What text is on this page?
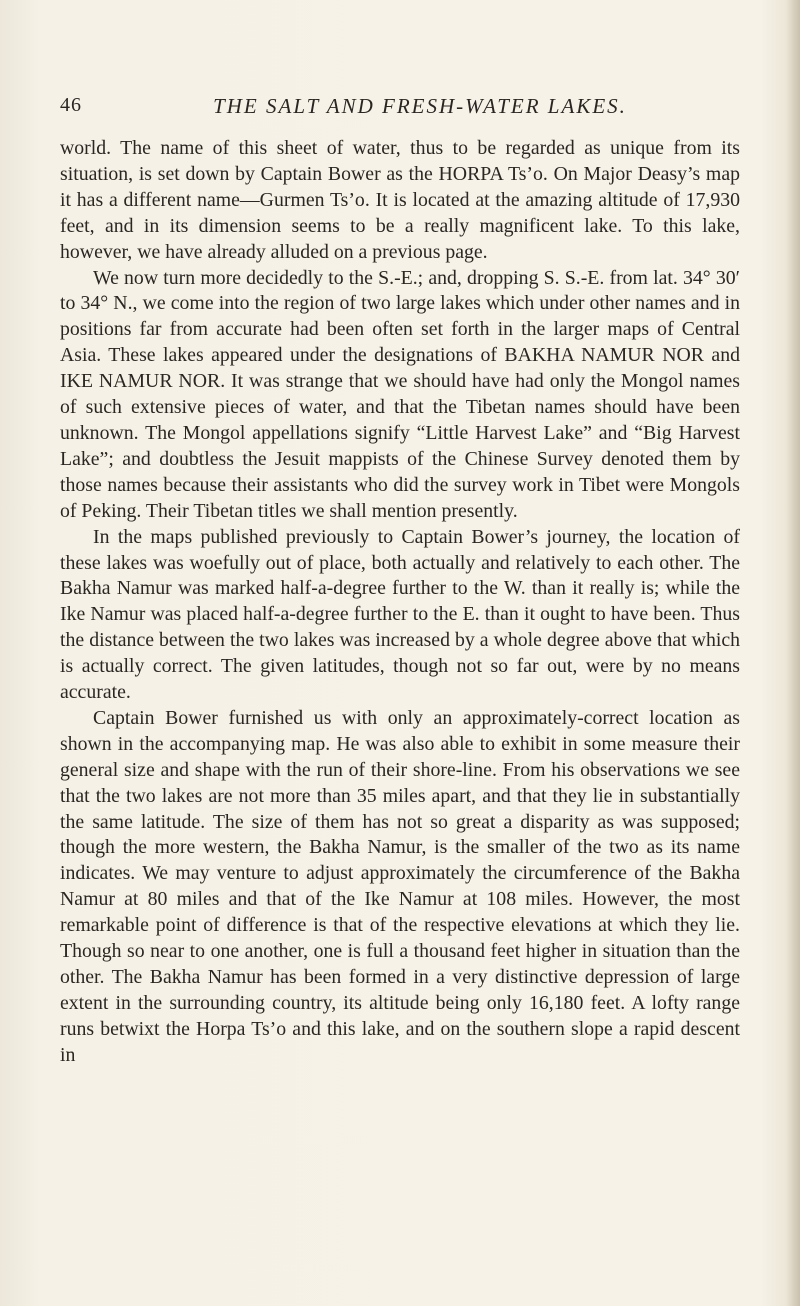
46	THE SALT AND FRESH-WATER LAKES.

world. The name of this sheet of water, thus to be regarded as unique from its situation, is set down by Captain Bower as the HORPA Ts’o. On Major Deasy’s map it has a different name—Gurmen Ts’o. It is located at the amazing altitude of 17,930 feet, and in its dimension seems to be a really magnificent lake. To this lake, however, we have already alluded on a previous page.

We now turn more decidedly to the S.-E.; and, dropping S. S.-E. from lat. 34° 30′ to 34° N., we come into the region of two large lakes which under other names and in positions far from accurate had been often set forth in the larger maps of Central Asia. These lakes appeared under the designations of BAKHA NAMUR NOR and IKE NAMUR NOR. It was strange that we should have had only the Mongol names of such extensive pieces of water, and that the Tibetan names should have been unknown. The Mongol appellations signify “Little Harvest Lake” and “Big Harvest Lake”; and doubtless the Jesuit mappists of the Chinese Survey denoted them by those names because their assistants who did the survey work in Tibet were Mongols of Peking. Their Tibetan titles we shall mention presently.

In the maps published previously to Captain Bower’s journey, the location of these lakes was woefully out of place, both actually and relatively to each other. The Bakha Namur was marked half-a-degree further to the W. than it really is; while the Ike Namur was placed half-a-degree further to the E. than it ought to have been. Thus the distance between the two lakes was increased by a whole degree above that which is actually correct. The given latitudes, though not so far out, were by no means accurate.

Captain Bower furnished us with only an approximately-correct location as shown in the accompanying map. He was also able to exhibit in some measure their general size and shape with the run of their shore-line. From his observations we see that the two lakes are not more than 35 miles apart, and that they lie in substantially the same latitude. The size of them has not so great a disparity as was supposed; though the more western, the Bakha Namur, is the smaller of the two as its name indicates. We may venture to adjust approximately the circumference of the Bakha Namur at 80 miles and that of the Ike Namur at 108 miles. However, the most remarkable point of difference is that of the respective elevations at which they lie. Though so near to one another, one is full a thousand feet higher in situation than the other. The Bakha Namur has been formed in a very distinctive depression of large extent in the surrounding country, its altitude being only 16,180 feet. A lofty range runs betwixt the Horpa Ts’o and this lake, and on the southern slope a rapid descent in
